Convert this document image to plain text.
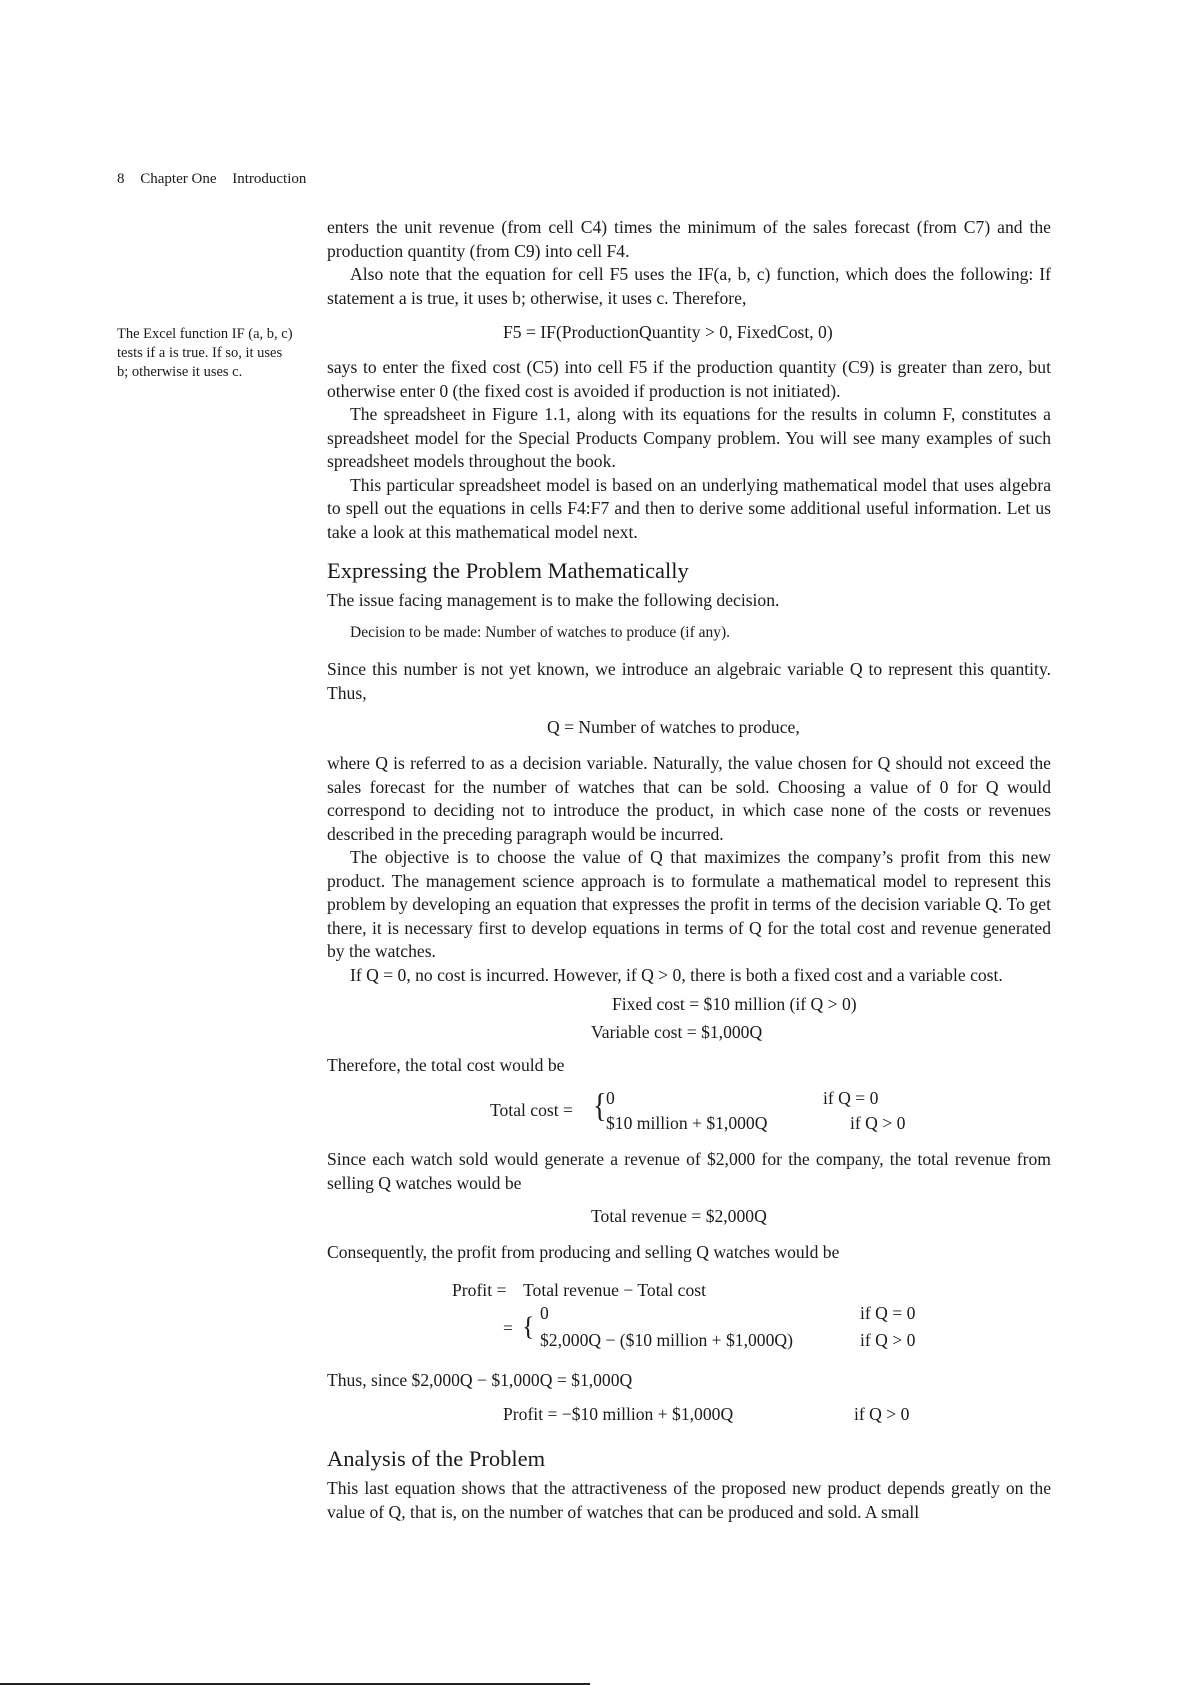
8 Chapter One Introduction
The Excel function IF (a, b, c) tests if a is true. If so, it uses b; otherwise it uses c.

enters the unit revenue (from cell C4) times the minimum of the sales forecast (from C7) and the production quantity (from C9) into cell F4.

Also note that the equation for cell F5 uses the IF(a, b, c) function, which does the following: If statement a is true, it uses b; otherwise, it uses c. Therefore,

F5 = IF(ProductionQuantity > 0, FixedCost, 0)

says to enter the fixed cost (C5) into cell F5 if the production quantity (C9) is greater than zero, but otherwise enter 0 (the fixed cost is avoided if production is not initiated).

The spreadsheet in Figure 1.1, along with its equations for the results in column F, constitutes a spreadsheet model for the Special Products Company problem. You will see many examples of such spreadsheet models throughout the book.

This particular spreadsheet model is based on an underlying mathematical model that uses algebra to spell out the equations in cells F4:F7 and then to derive some additional useful information. Let us take a look at this mathematical model next.

Expressing the Problem Mathematically
The issue facing management is to make the following decision.
Decision to be made: Number of watches to produce (if any).
Since this number is not yet known, we introduce an algebraic variable Q to represent this quantity. Thus,
Q = Number of watches to produce,

where Q is referred to as a decision variable. Naturally, the value chosen for Q should not exceed the sales forecast for the number of watches that can be sold. Choosing a value of 0 for Q would correspond to deciding not to introduce the product, in which case none of the costs or revenues described in the preceding paragraph would be incurred.

The objective is to choose the value of Q that maximizes the company’s profit from this new product. The management science approach is to formulate a mathematical model to represent this problem by developing an equation that expresses the profit in terms of the decision variable Q. To get there, it is necessary first to develop equations in terms of Q for the total cost and revenue generated by the watches.

If Q = 0, no cost is incurred. However, if Q > 0, there is both a fixed cost and a variable cost.

Fixed cost = $10 million (if Q > 0)
Variable cost = $1,000Q
Therefore, the total cost would be
Total cost = { 0	if Q = 0
$10 million + $1,000Q	if Q > 0
Since each watch sold would generate a revenue of $2,000 for the company, the total revenue from selling Q watches would be
Total revenue = $2,000Q
Consequently, the profit from producing and selling Q watches would be
Profit = Total revenue − Total cost
= { 0	if Q = 0
$2,000Q − ($10 million + $1,000Q)	if Q > 0
Thus, since $2,000Q − $1,000Q = $1,000Q
Profit = −$10 million + $1,000Q	if Q > 0
Analysis of the Problem
This last equation shows that the attractiveness of the proposed new product depends greatly on the value of Q, that is, on the number of watches that can be produced and sold. A small
